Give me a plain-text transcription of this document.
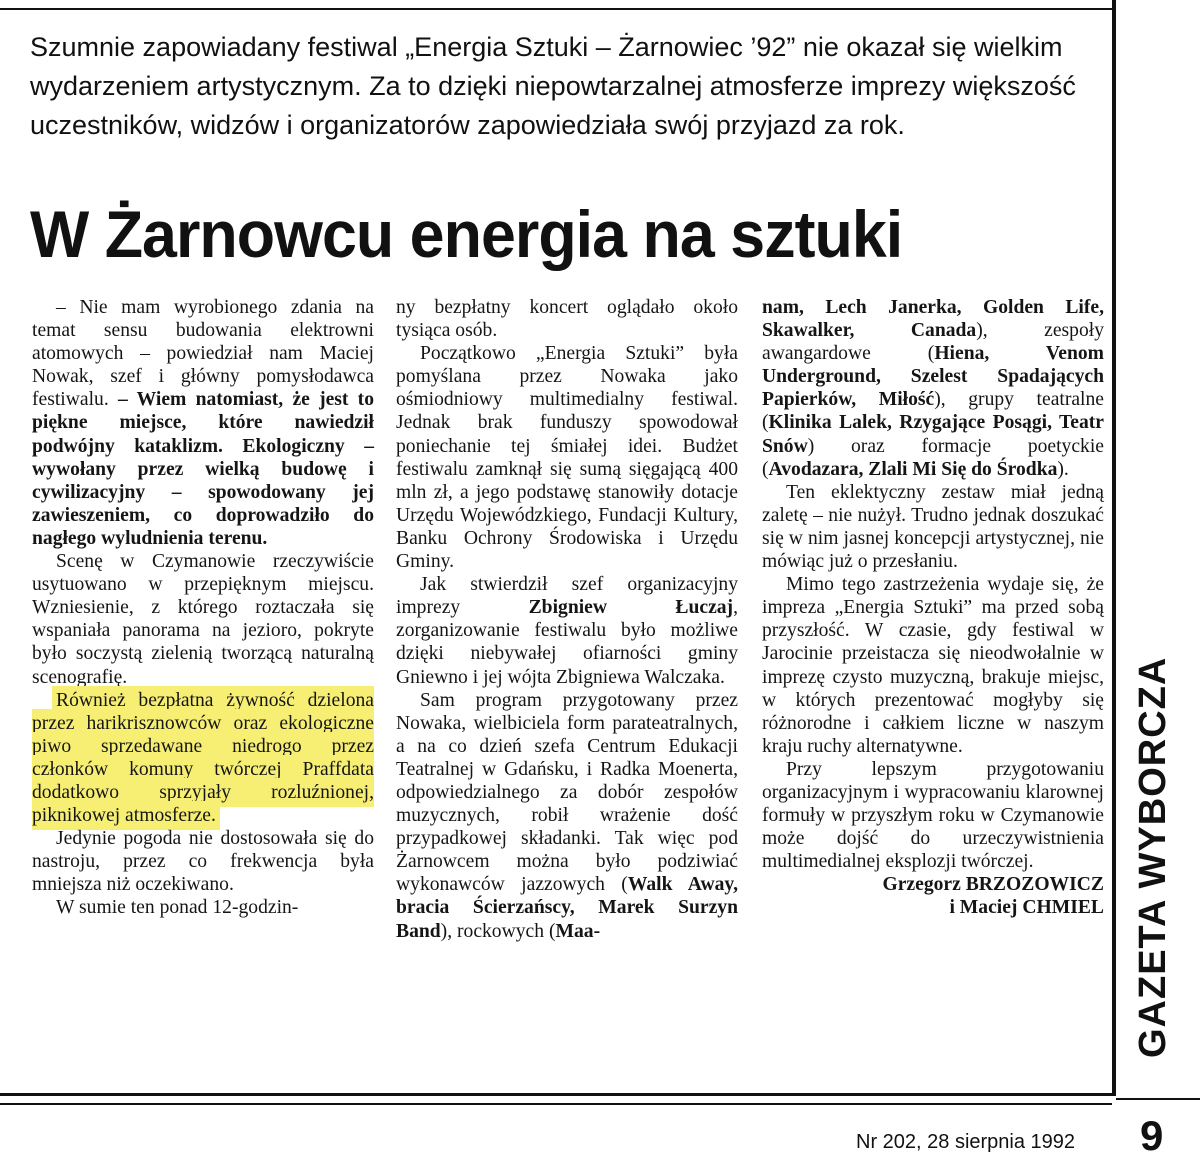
Szumnie zapowiadany festiwal „Energia Sztuki – Żarnowiec ’92” nie okazał się wielkim wydarzeniem artystycznym. Za to dzięki niepowtarzalnej atmosferze imprezy większość uczestników, widzów i organizatorów zapowiedziała swój przyjazd za rok.

W Żarnowcu energia na sztuki

– Nie mam wyrobionego zdania na temat sensu budowania elektrowni atomowych – powiedział nam Maciej Nowak, szef i główny pomysłodawca festiwalu. – Wiem natomiast, że jest to piękne miejsce, które nawiedził podwójny kataklizm. Ekologiczny – wywołany przez wielką budowę i cywilizacyjny – spowodowany jej zawieszeniem, co doprowadziło do nagłego wyludnienia terenu.

Scenę w Czymanowie rzeczywiście usytuowano w przepięknym miejscu. Wzniesienie, z którego roztaczała się wspaniała panorama na jezioro, pokryte było soczystą zielenią tworzącą naturalną scenografię.

Również bezpłatna żywność dzielona przez harikrisznowców oraz ekologiczne piwo sprzedawane niedrogo przez członków komuny twórczej Praffdata dodatkowo sprzyjały rozluźnionej, piknikowej atmosferze.

Jedynie pogoda nie dostosowała się do nastroju, przez co frekwencja była mniejsza niż oczekiwano.

W sumie ten ponad 12-godzin-

ny bezpłatny koncert oglądało około tysiąca osób.

Początkowo „Energia Sztuki” była pomyślana przez Nowaka jako ośmiodniowy multimedialny festiwal. Jednak brak funduszy spowodował poniechanie tej śmiałej idei. Budżet festiwalu zamknął się sumą sięgającą 400 mln zł, a jego podstawę stanowiły dotacje Urzędu Wojewódzkiego, Fundacji Kultury, Banku Ochrony Środowiska i Urzędu Gminy.

Jak stwierdził szef organizacyjny imprezy Zbigniew Łuczaj, zorganizowanie festiwalu było możliwe dzięki niebywałej ofiarności gminy Gniewno i jej wójta Zbigniewa Walczaka.

Sam program przygotowany przez Nowaka, wielbiciela form parateatralnych, a na co dzień szefa Centrum Edukacji Teatralnej w Gdańsku, i Radka Moenerta, odpowiedzialnego za dobór zespołów muzycznych, robił wrażenie dość przypadkowej składanki. Tak więc pod Żarnowcem można było podziwiać wykonawców jazzowych (Walk Away, bracia Ścierzańscy, Marek Surzyn Band), rockowych (Maa-

nam, Lech Janerka, Golden Life, Skawalker, Canada), zespoły awangardowe (Hiena, Venom Underground, Szelest Spadających Papierków, Miłość), grupy teatralne (Klinika Lalek, Rzygające Posągi, Teatr Snów) oraz formacje poetyckie (Avodazara, Zlali Mi Się do Środka).

Ten eklektyczny zestaw miał jedną zaletę – nie nużył. Trudno jednak doszukać się w nim jasnej koncepcji artystycznej, nie mówiąc już o przesłaniu.

Mimo tego zastrzeżenia wydaje się, że impreza „Energia Sztuki” ma przed sobą przyszłość. W czasie, gdy festiwal w Jarocinie przeistacza się nieodwołalnie w imprezę czysto muzyczną, brakuje miejsc, w których prezentować mogłyby się różnorodne i całkiem liczne w naszym kraju ruchy alternatywne.

Przy lepszym przygotowaniu organizacyjnym i wypracowaniu klarownej formuły w przyszłym roku w Czymanowie może dojść do urzeczywistnienia multimedialnej eksplozji twórczej.

Grzegorz BRZOZOWICZ

i Maciej CHMIEL GAZETA WYBORCZA
Nr 202, 28 sierpnia 1992 9
